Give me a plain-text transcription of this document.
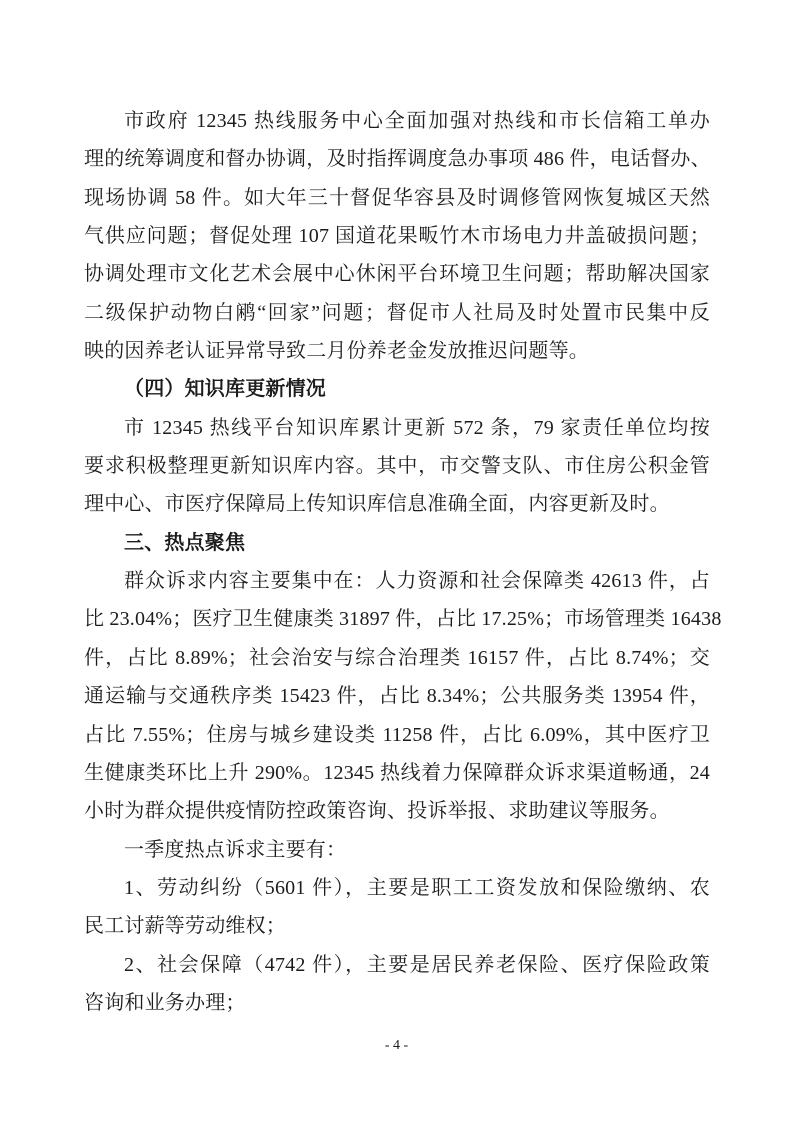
市政府 12345 热线服务中心全面加强对热线和市长信箱工单办
理的统筹调度和督办协调，及时指挥调度急办事项 486 件，电话督办、
现场协调 58 件。如大年三十督促华容县及时调修管网恢复城区天然
气供应问题；督促处理 107 国道花果畈竹木市场电力井盖破损问题；
协调处理市文化艺术会展中心休闲平台环境卫生问题；帮助解决国家
二级保护动物白鹇“回家”问题；督促市人社局及时处置市民集中反
映的因养老认证异常导致二月份养老金发放推迟问题等。
（四）知识库更新情况
市 12345 热线平台知识库累计更新 572 条，79 家责任单位均按
要求积极整理更新知识库内容。其中，市交警支队、市住房公积金管
理中心、市医疗保障局上传知识库信息准确全面，内容更新及时。
三、热点聚焦
群众诉求内容主要集中在：人力资源和社会保障类 42613 件，占
比 23.04%；医疗卫生健康类 31897 件，占比 17.25%；市场管理类 16438
件，占比 8.89%；社会治安与综合治理类 16157 件，占比 8.74%；交
通运输与交通秩序类 15423 件，占比 8.34%；公共服务类 13954 件，
占比 7.55%；住房与城乡建设类 11258 件，占比 6.09%，其中医疗卫
生健康类环比上升 290%。12345 热线着力保障群众诉求渠道畅通，24
小时为群众提供疫情防控政策咨询、投诉举报、求助建议等服务。
一季度热点诉求主要有：
1、劳动纠纷（5601 件），主要是职工工资发放和保险缴纳、农
民工讨薪等劳动维权；
2、社会保障（4742 件），主要是居民养老保险、医疗保险政策
咨询和业务办理；
- 4 -
